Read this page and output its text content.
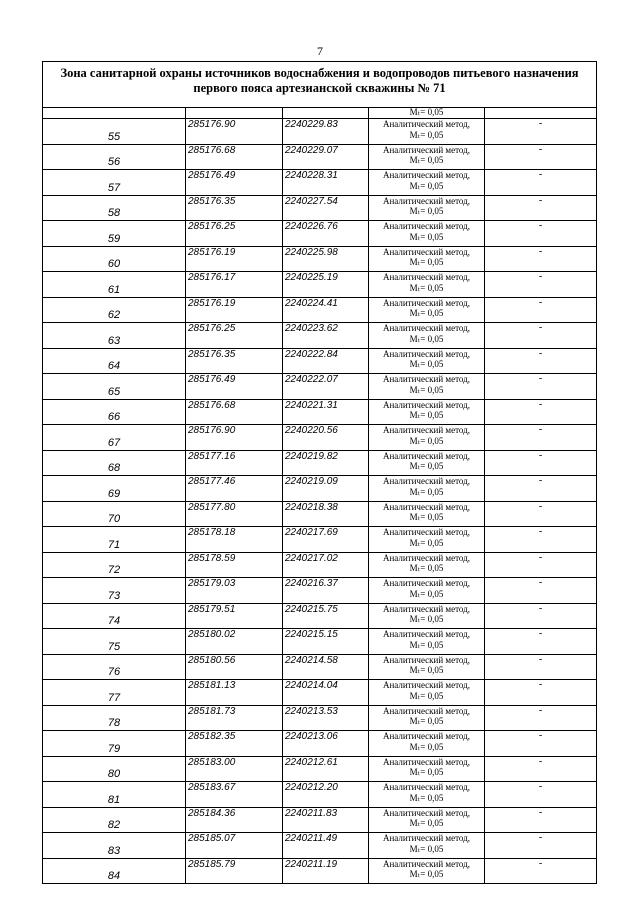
7
Зона санитарной охраны источников водоснабжения и водопроводов питьевого назначения
первого пояса артезианской скважины № 71				

			Mₜ= 0,05	
55	285176.90	2240229.83	Аналитический метод,
Mₜ= 0,05	-
56	285176.68	2240229.07	Аналитический метод,
Mₜ= 0,05	-
57	285176.49	2240228.31	Аналитический метод,
Mₜ= 0,05	-
58	285176.35	2240227.54	Аналитический метод,
Mₜ= 0,05	-
59	285176.25	2240226.76	Аналитический метод,
Mₜ= 0,05	-
60	285176.19	2240225.98	Аналитический метод,
Mₜ= 0,05	-
61	285176.17	2240225.19	Аналитический метод,
Mₜ= 0,05	-
62	285176.19	2240224.41	Аналитический метод,
Mₜ= 0,05	-
63	285176.25	2240223.62	Аналитический метод,
Mₜ= 0,05	-
64	285176.35	2240222.84	Аналитический метод,
Mₜ= 0,05	-
65	285176.49	2240222.07	Аналитический метод,
Mₜ= 0,05	-
66	285176.68	2240221.31	Аналитический метод,
Mₜ= 0,05	-
67	285176.90	2240220.56	Аналитический метод,
Mₜ= 0,05	-
68	285177.16	2240219.82	Аналитический метод,
Mₜ= 0,05	-
69	285177.46	2240219.09	Аналитический метод,
Mₜ= 0,05	-
70	285177.80	2240218.38	Аналитический метод,
Mₜ= 0,05	-
71	285178.18	2240217.69	Аналитический метод,
Mₜ= 0,05	-
72	285178.59	2240217.02	Аналитический метод,
Mₜ= 0,05	-
73	285179.03	2240216.37	Аналитический метод,
Mₜ= 0,05	-
74	285179.51	2240215.75	Аналитический метод,
Mₜ= 0,05	-
75	285180.02	2240215.15	Аналитический метод,
Mₜ= 0,05	-
76	285180.56	2240214.58	Аналитический метод,
Mₜ= 0,05	-
77	285181.13	2240214.04	Аналитический метод,
Mₜ= 0,05	-
78	285181.73	2240213.53	Аналитический метод,
Mₜ= 0,05	-
79	285182.35	2240213.06	Аналитический метод,
Mₜ= 0,05	-
80	285183.00	2240212.61	Аналитический метод,
Mₜ= 0,05	-
81	285183.67	2240212.20	Аналитический метод,
Mₜ= 0,05	-
82	285184.36	2240211.83	Аналитический метод,
Mₜ= 0,05	-
83	285185.07	2240211.49	Аналитический метод,
Mₜ= 0,05	-
84	285185.79	2240211.19	Аналитический метод,
Mₜ= 0,05	-
